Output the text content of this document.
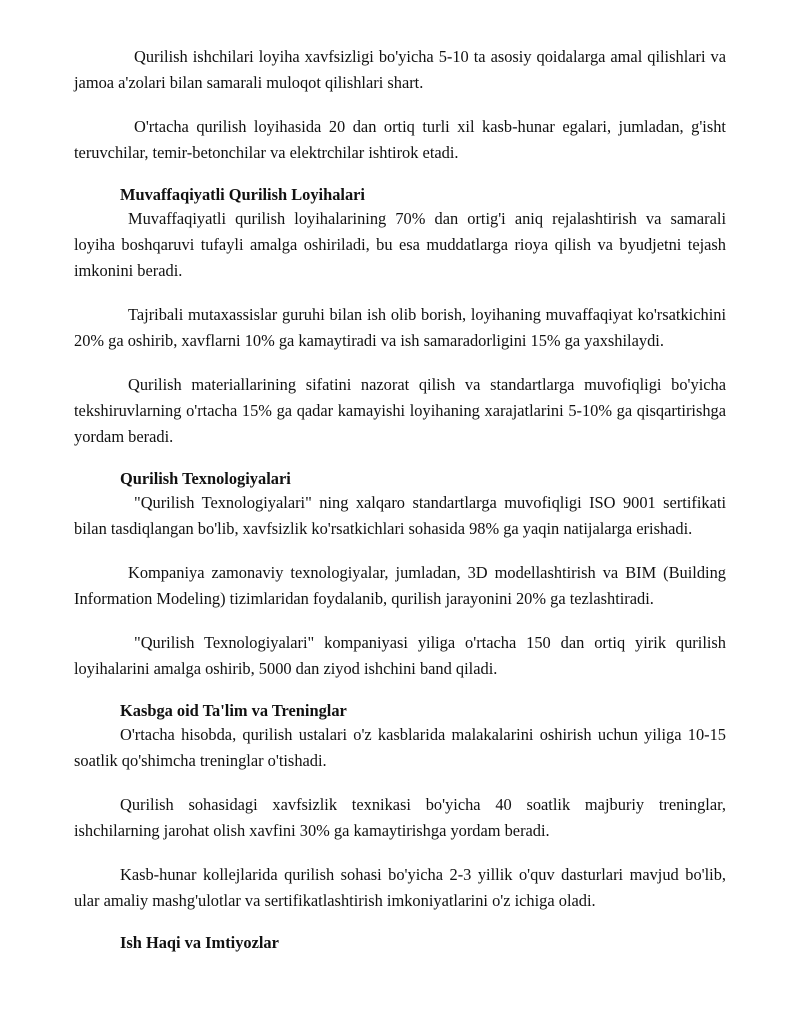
Qurilish ishchilari loyiha xavfsizligi bo'yicha 5-10 ta asosiy qoidalarga amal qilishlari va jamoa a'zolari bilan samarali muloqot qilishlari shart.

O'rtacha qurilish loyihasida 20 dan ortiq turli xil kasb-hunar egalari, jumladan, g'isht teruvchilar, temir-betonchilar va elektrchilar ishtirok etadi.

Muvaffaqiyatli Qurilish Loyihalari

Muvaffaqiyatli qurilish loyihalarining 70% dan ortig'i aniq rejalashtirish va samarali loyiha boshqaruvi tufayli amalga oshiriladi, bu esa muddatlarga rioya qilish va byudjetni tejash imkonini beradi.

Tajribali mutaxassislar guruhi bilan ish olib borish, loyihaning muvaffaqiyat ko'rsatkichini 20% ga oshirib, xavflarni 10% ga kamaytiradi va ish samaradorligini 15% ga yaxshilaydi.

Qurilish materiallarining sifatini nazorat qilish va standartlarga muvofiqligi bo'yicha tekshiruvlarning o'rtacha 15% ga qadar kamayishi loyihaning xarajatlarini 5-10% ga qisqartirishga yordam beradi.

Qurilish Texnologiyalari

"Qurilish Texnologiyalari" ning xalqaro standartlarga muvofiqligi ISO 9001 sertifikati bilan tasdiqlangan bo'lib, xavfsizlik ko'rsatkichlari sohasida 98% ga yaqin natijalarga erishadi.

Kompaniya zamonaviy texnologiyalar, jumladan, 3D modellashtirish va BIM (Building Information Modeling) tizimlaridan foydalanib, qurilish jarayonini 20% ga tezlashtiradi.

"Qurilish Texnologiyalari" kompaniyasi yiliga o'rtacha 150 dan ortiq yirik qurilish loyihalarini amalga oshirib, 5000 dan ziyod ishchini band qiladi.

Kasbga oid Ta'lim va Treninglar

O'rtacha hisobda, qurilish ustalari o'z kasblarida malakalarini oshirish uchun yiliga 10-15 soatlik qo'shimcha treninglar o'tishadi.

Qurilish sohasidagi xavfsizlik texnikasi bo'yicha 40 soatlik majburiy treninglar, ishchilarning jarohat olish xavfini 30% ga kamaytirishga yordam beradi.

Kasb-hunar kollejlarida qurilish sohasi bo'yicha 2-3 yillik o'quv dasturlari mavjud bo'lib, ular amaliy mashg'ulotlar va sertifikatlashtirish imkoniyatlarini o'z ichiga oladi.

Ish Haqi va Imtiyozlar
